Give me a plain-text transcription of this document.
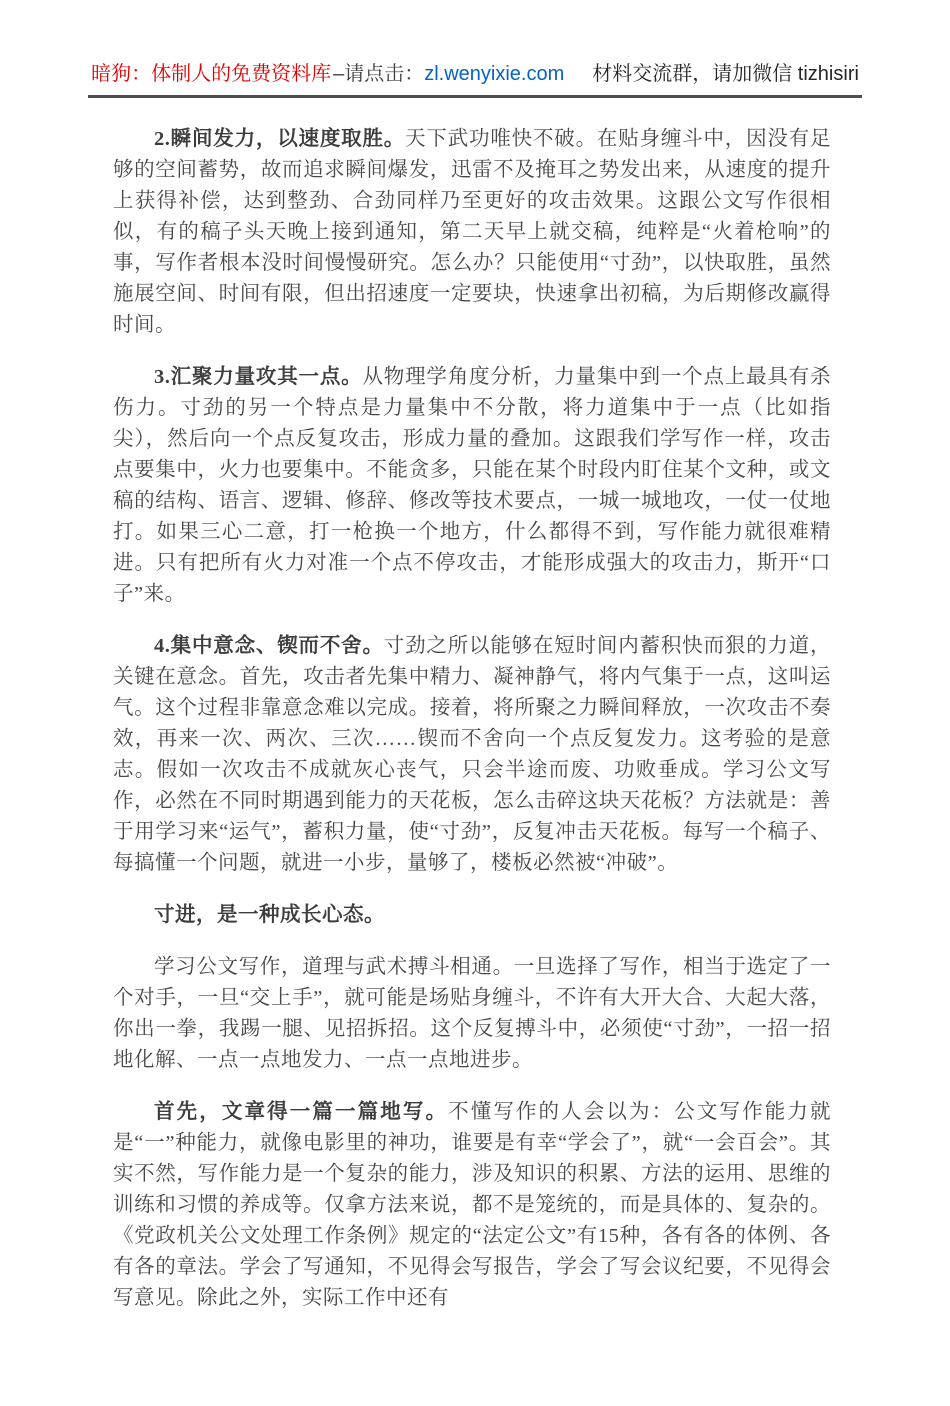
暗狗：体制人的免费资料库 –请点击：zl.wenyixie.com 材料交流群，请加微信 tizhisiri

2.瞬间发力，以速度取胜。天下武功唯快不破。在贴身缠斗中，因没有足够的空间蓄势，故而追求瞬间爆发，迅雷不及掩耳之势发出来，从速度的提升上获得补偿，达到整劲、合劲同样乃至更好的攻击效果。这跟公文写作很相似，有的稿子头天晚上接到通知，第二天早上就交稿，纯粹是“火着枪响”的事，写作者根本没时间慢慢研究。怎么办？只能使用“寸劲”，以快取胜，虽然施展空间、时间有限，但出招速度一定要块，快速拿出初稿，为后期修改赢得时间。

3.汇聚力量攻其一点。从物理学角度分析，力量集中到一个点上最具有杀伤力。寸劲的另一个特点是力量集中不分散，将力道集中于一点（比如指尖），然后向一个点反复攻击，形成力量的叠加。这跟我们学写作一样，攻击点要集中，火力也要集中。不能贪多，只能在某个时段内盯住某个文种，或文稿的结构、语言、逻辑、修辞、修改等技术要点，一城一城地攻，一仗一仗地打。如果三心二意，打一枪换一个地方，什么都得不到，写作能力就很难精进。只有把所有火力对准一个点不停攻击，才能形成强大的攻击力，斯开“口子”来。

4.集中意念、锲而不舍。寸劲之所以能够在短时间内蓄积快而狠的力道，关键在意念。首先，攻击者先集中精力、凝神静气，将内气集于一点，这叫运气。这个过程非靠意念难以完成。接着，将所聚之力瞬间释放，一次攻击不奏效，再来一次、两次、三次……锲而不舍向一个点反复发力。这考验的是意志。假如一次攻击不成就灰心丧气，只会半途而废、功败垂成。学习公文写作，必然在不同时期遇到能力的天花板，怎么击碎这块天花板？方法就是：善于用学习来“运气”，蓄积力量，使“寸劲”，反复冲击天花板。每写一个稿子、每搞懂一个问题，就进一小步，量够了，楼板必然被“冲破”。

寸进，是一种成长心态。

学习公文写作，道理与武术搏斗相通。一旦选择了写作，相当于选定了一个对手，一旦“交上手”，就可能是场贴身缠斗，不许有大开大合、大起大落，你出一拳，我踢一腿、见招拆招。这个反复搏斗中，必须使“寸劲”，一招一招地化解、一点一点地发力、一点一点地进步。

首先，文章得一篇一篇地写。不懂写作的人会以为：公文写作能力就是“一”种能力，就像电影里的神功，谁要是有幸“学会了”，就“一会百会”。其实不然，写作能力是一个复杂的能力，涉及知识的积累、方法的运用、思维的训练和习惯的养成等。仅拿方法来说，都不是笼统的，而是具体的、复杂的。《党政机关公文处理工作条例》规定的“法定公文”有15种，各有各的体例、各有各的章法。学会了写通知，不见得会写报告，学会了写会议纪要，不见得会写意见。除此之外，实际工作中还有
